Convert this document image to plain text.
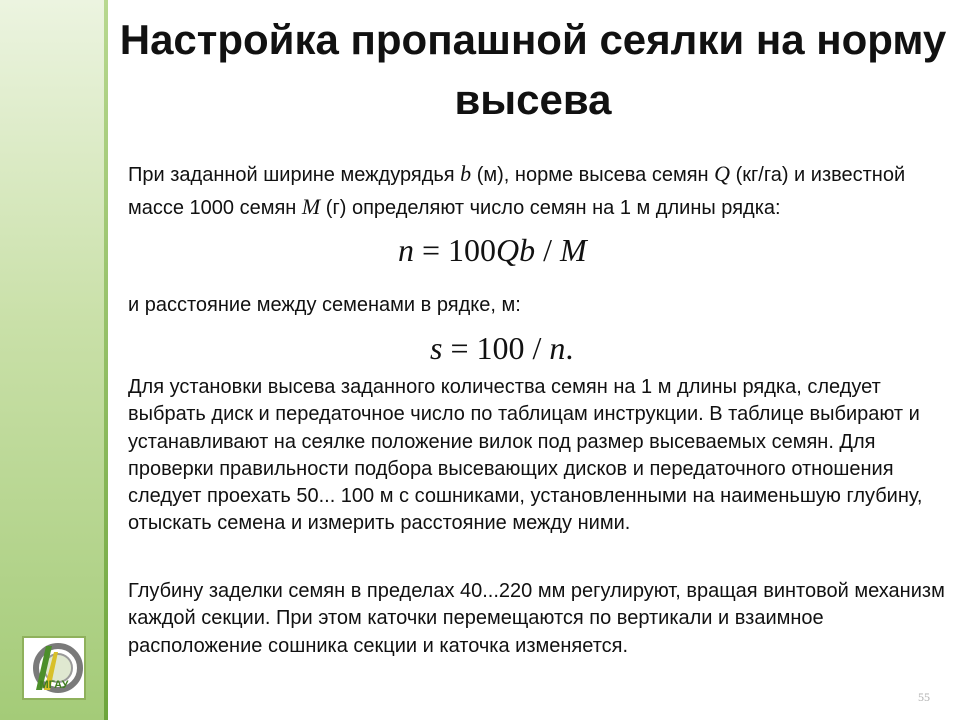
МГАУ
Настройка пропашной сеялки на норму высева

При заданной ширине междурядья b (м), норме высева семян Q (кг/га) и известной массе 1000 семян M (г) определяют число семян на 1 м длины рядка:

n = 100Qb / M

и расстояние между семенами в рядке, м:

s = 100 / n.

Для установки высева заданного количества семян на 1 м длины рядка, следует выбрать диск и передаточное число по таблицам инструкции. В таблице выбирают и устанавливают на сеялке положение вилок под размер высеваемых семян. Для проверки правильности подбора высевающих дисков и передаточного отношения следует проехать 50... 100 м с сошниками, установленными на наименьшую глубину, отыскать семена и измерить расстояние между ними.

Глубину заделки семян в пределах 40...220 мм регулируют, вращая винтовой механизм каждой секции. При этом каточки перемещаются по вертикали и взаимное расположение сошника секции и каточка изменяется.

55
